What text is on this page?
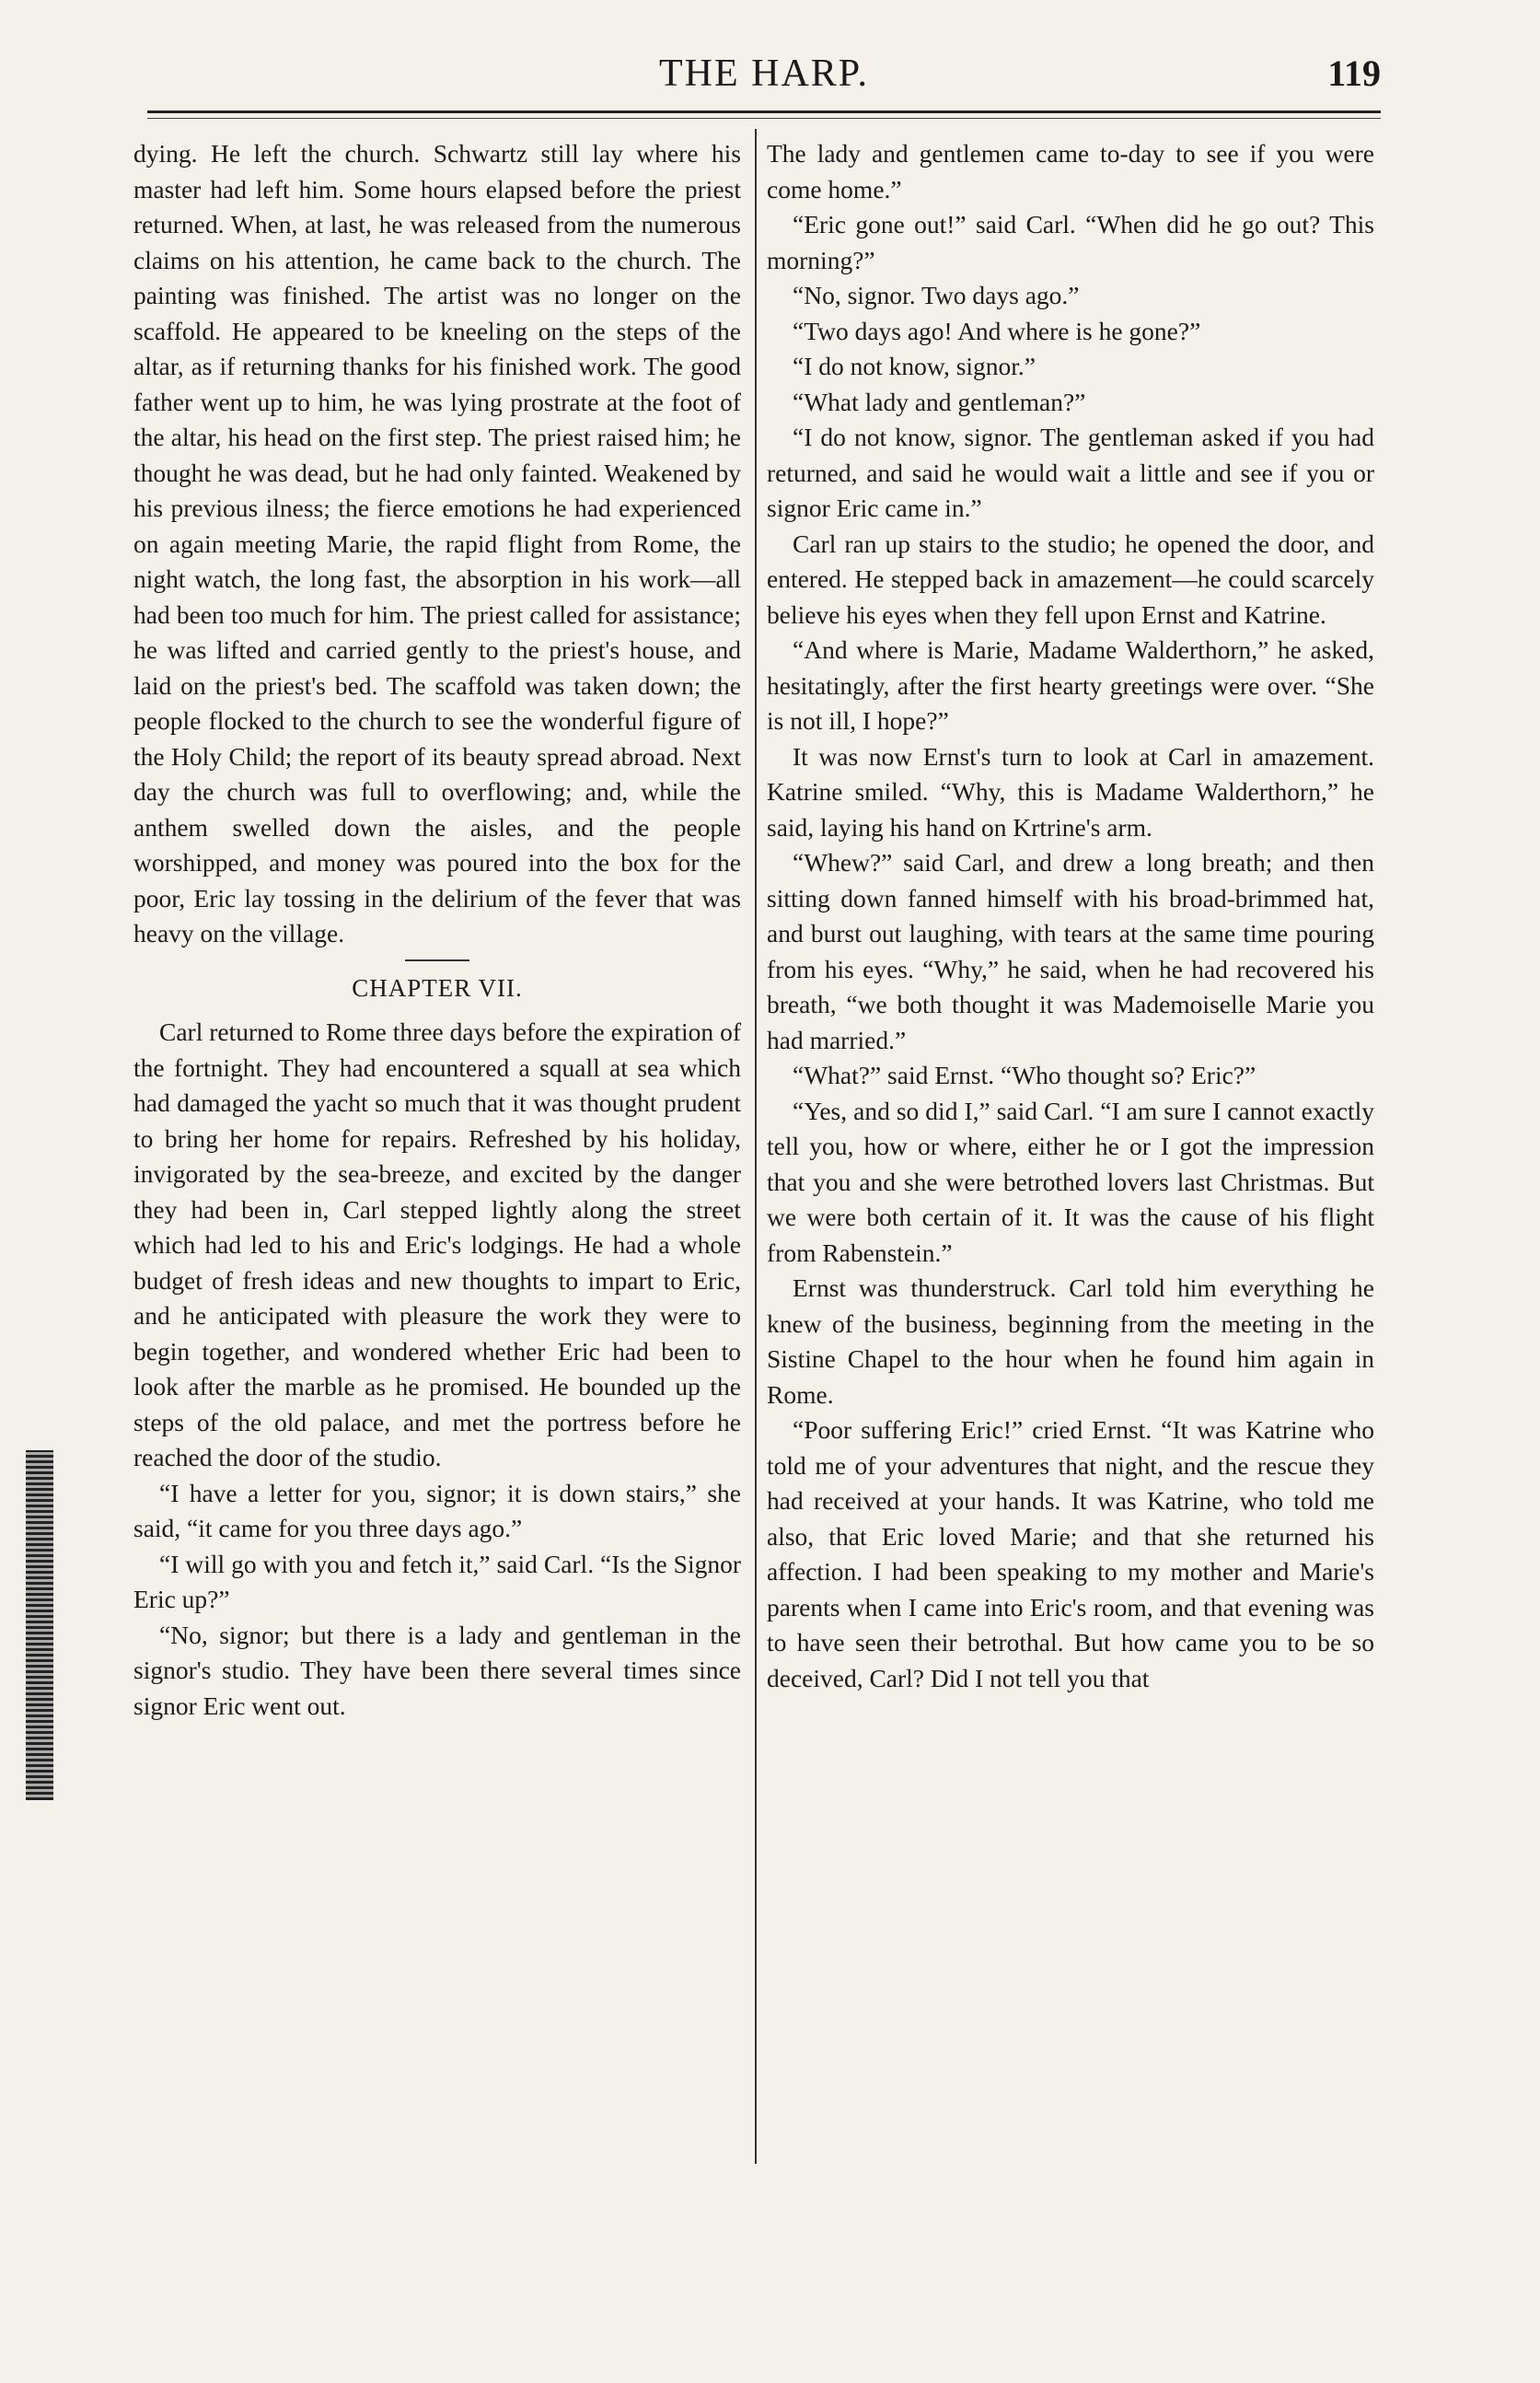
THE HARP.	119

dying. He left the church. Schwartz still lay where his master had left him. Some hours elapsed before the priest returned. When, at last, he was released from the numerous claims on his attention, he came back to the church. The painting was finished. The artist was no longer on the scaffold. He appeared to be kneeling on the steps of the altar, as if returning thanks for his finished work. The good father went up to him, he was lying prostrate at the foot of the altar, his head on the first step. The priest raised him; he thought he was dead, but he had only fainted. Weakened by his previous ilness; the fierce emotions he had experienced on again meeting Marie, the rapid flight from Rome, the night watch, the long fast, the absorption in his work—all had been too much for him. The priest called for assistance; he was lifted and carried gently to the priest's house, and laid on the priest's bed. The scaffold was taken down; the people flocked to the church to see the wonderful figure of the Holy Child; the report of its beauty spread abroad. Next day the church was full to overflowing; and, while the anthem swelled down the aisles, and the people worshipped, and money was poured into the box for the poor, Eric lay tossing in the delirium of the fever that was heavy on the village.

CHAPTER VII.

Carl returned to Rome three days before the expiration of the fortnight. They had encountered a squall at sea which had damaged the yacht so much that it was thought prudent to bring her home for repairs. Refreshed by his holiday, invigorated by the sea-breeze, and excited by the danger they had been in, Carl stepped lightly along the street which had led to his and Eric's lodgings. He had a whole budget of fresh ideas and new thoughts to impart to Eric, and he anticipated with pleasure the work they were to begin together, and wondered whether Eric had been to look after the marble as he promised. He bounded up the steps of the old palace, and met the portress before he reached the door of the studio.

“I have a letter for you, signor; it is down stairs,” she said, “it came for you three days ago.”

“I will go with you and fetch it,” said Carl. “Is the Signor Eric up?”

“No, signor; but there is a lady and gentleman in the signor's studio. They have been there several times since signor Eric went out.

The lady and gentlemen came to-day to see if you were come home.”

“Eric gone out!” said Carl. “When did he go out? This morning?”

“No, signor. Two days ago.”

“Two days ago! And where is he gone?”

“I do not know, signor.”

“What lady and gentleman?”

“I do not know, signor. The gentleman asked if you had returned, and said he would wait a little and see if you or signor Eric came in.”

Carl ran up stairs to the studio; he opened the door, and entered. He stepped back in amazement—he could scarcely believe his eyes when they fell upon Ernst and Katrine.

“And where is Marie, Madame Walderthorn,” he asked, hesitatingly, after the first hearty greetings were over. “She is not ill, I hope?”

It was now Ernst's turn to look at Carl in amazement. Katrine smiled. “Why, this is Madame Walderthorn,” he said, laying his hand on Krtrine's arm.

“Whew?” said Carl, and drew a long breath; and then sitting down fanned himself with his broad-brimmed hat, and burst out laughing, with tears at the same time pouring from his eyes. “Why,” he said, when he had recovered his breath, “we both thought it was Mademoiselle Marie you had married.”

“What?” said Ernst. “Who thought so? Eric?”

“Yes, and so did I,” said Carl. “I am sure I cannot exactly tell you, how or where, either he or I got the impression that you and she were betrothed lovers last Christmas. But we were both certain of it. It was the cause of his flight from Rabenstein.”

Ernst was thunderstruck. Carl told him everything he knew of the business, beginning from the meeting in the Sistine Chapel to the hour when he found him again in Rome.

“Poor suffering Eric!” cried Ernst. “It was Katrine who told me of your adventures that night, and the rescue they had received at your hands. It was Katrine, who told me also, that Eric loved Marie; and that she returned his affection. I had been speaking to my mother and Marie's parents when I came into Eric's room, and that evening was to have seen their betrothal. But how came you to be so deceived, Carl? Did I not tell you that
